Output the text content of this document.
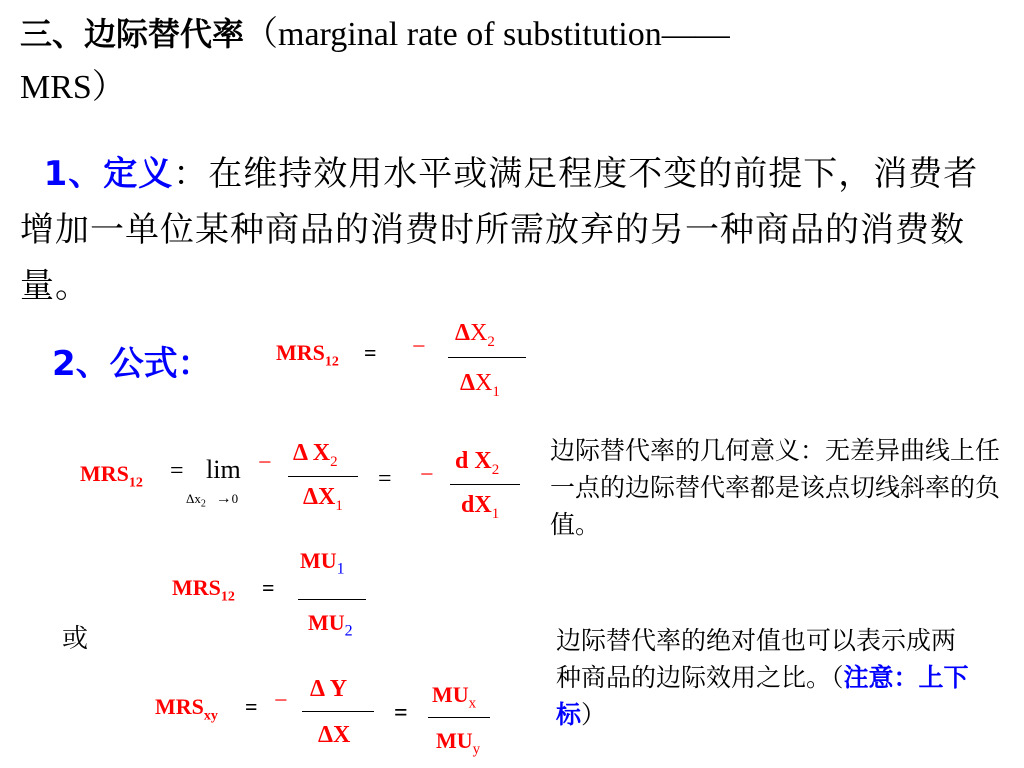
三、边际替代率（marginal rate of substitution——
MRS）
1、定义：在维持效用水平或满足程度不变的前提下，消费者增加一单位某种商品的消费时所需放弃的另一种商品的消费数量。
2、公式：	$MRS_{12}$ = −
$\Delta X_2$
$\Delta X_1$
$MRS_{12} = \lim$ −
$\Delta x_2 \to 0$
Δ $X_2$
$\Delta X_1$
= −
d $X_2$
$dX_1$
边际替代率的几何意义：无差异曲线上任一点的边际替代率都是该点切线斜率的负值。
$MU_1$
$MRS_{12}$ =
$MU_2$
或	边际替代率的绝对值也可以表示成两种商品的边际效用之比。（注意：上下标）
Δ Y
$MRS_{xy}$ = −
ΔX
=
$MU_x$
$MU_y$
